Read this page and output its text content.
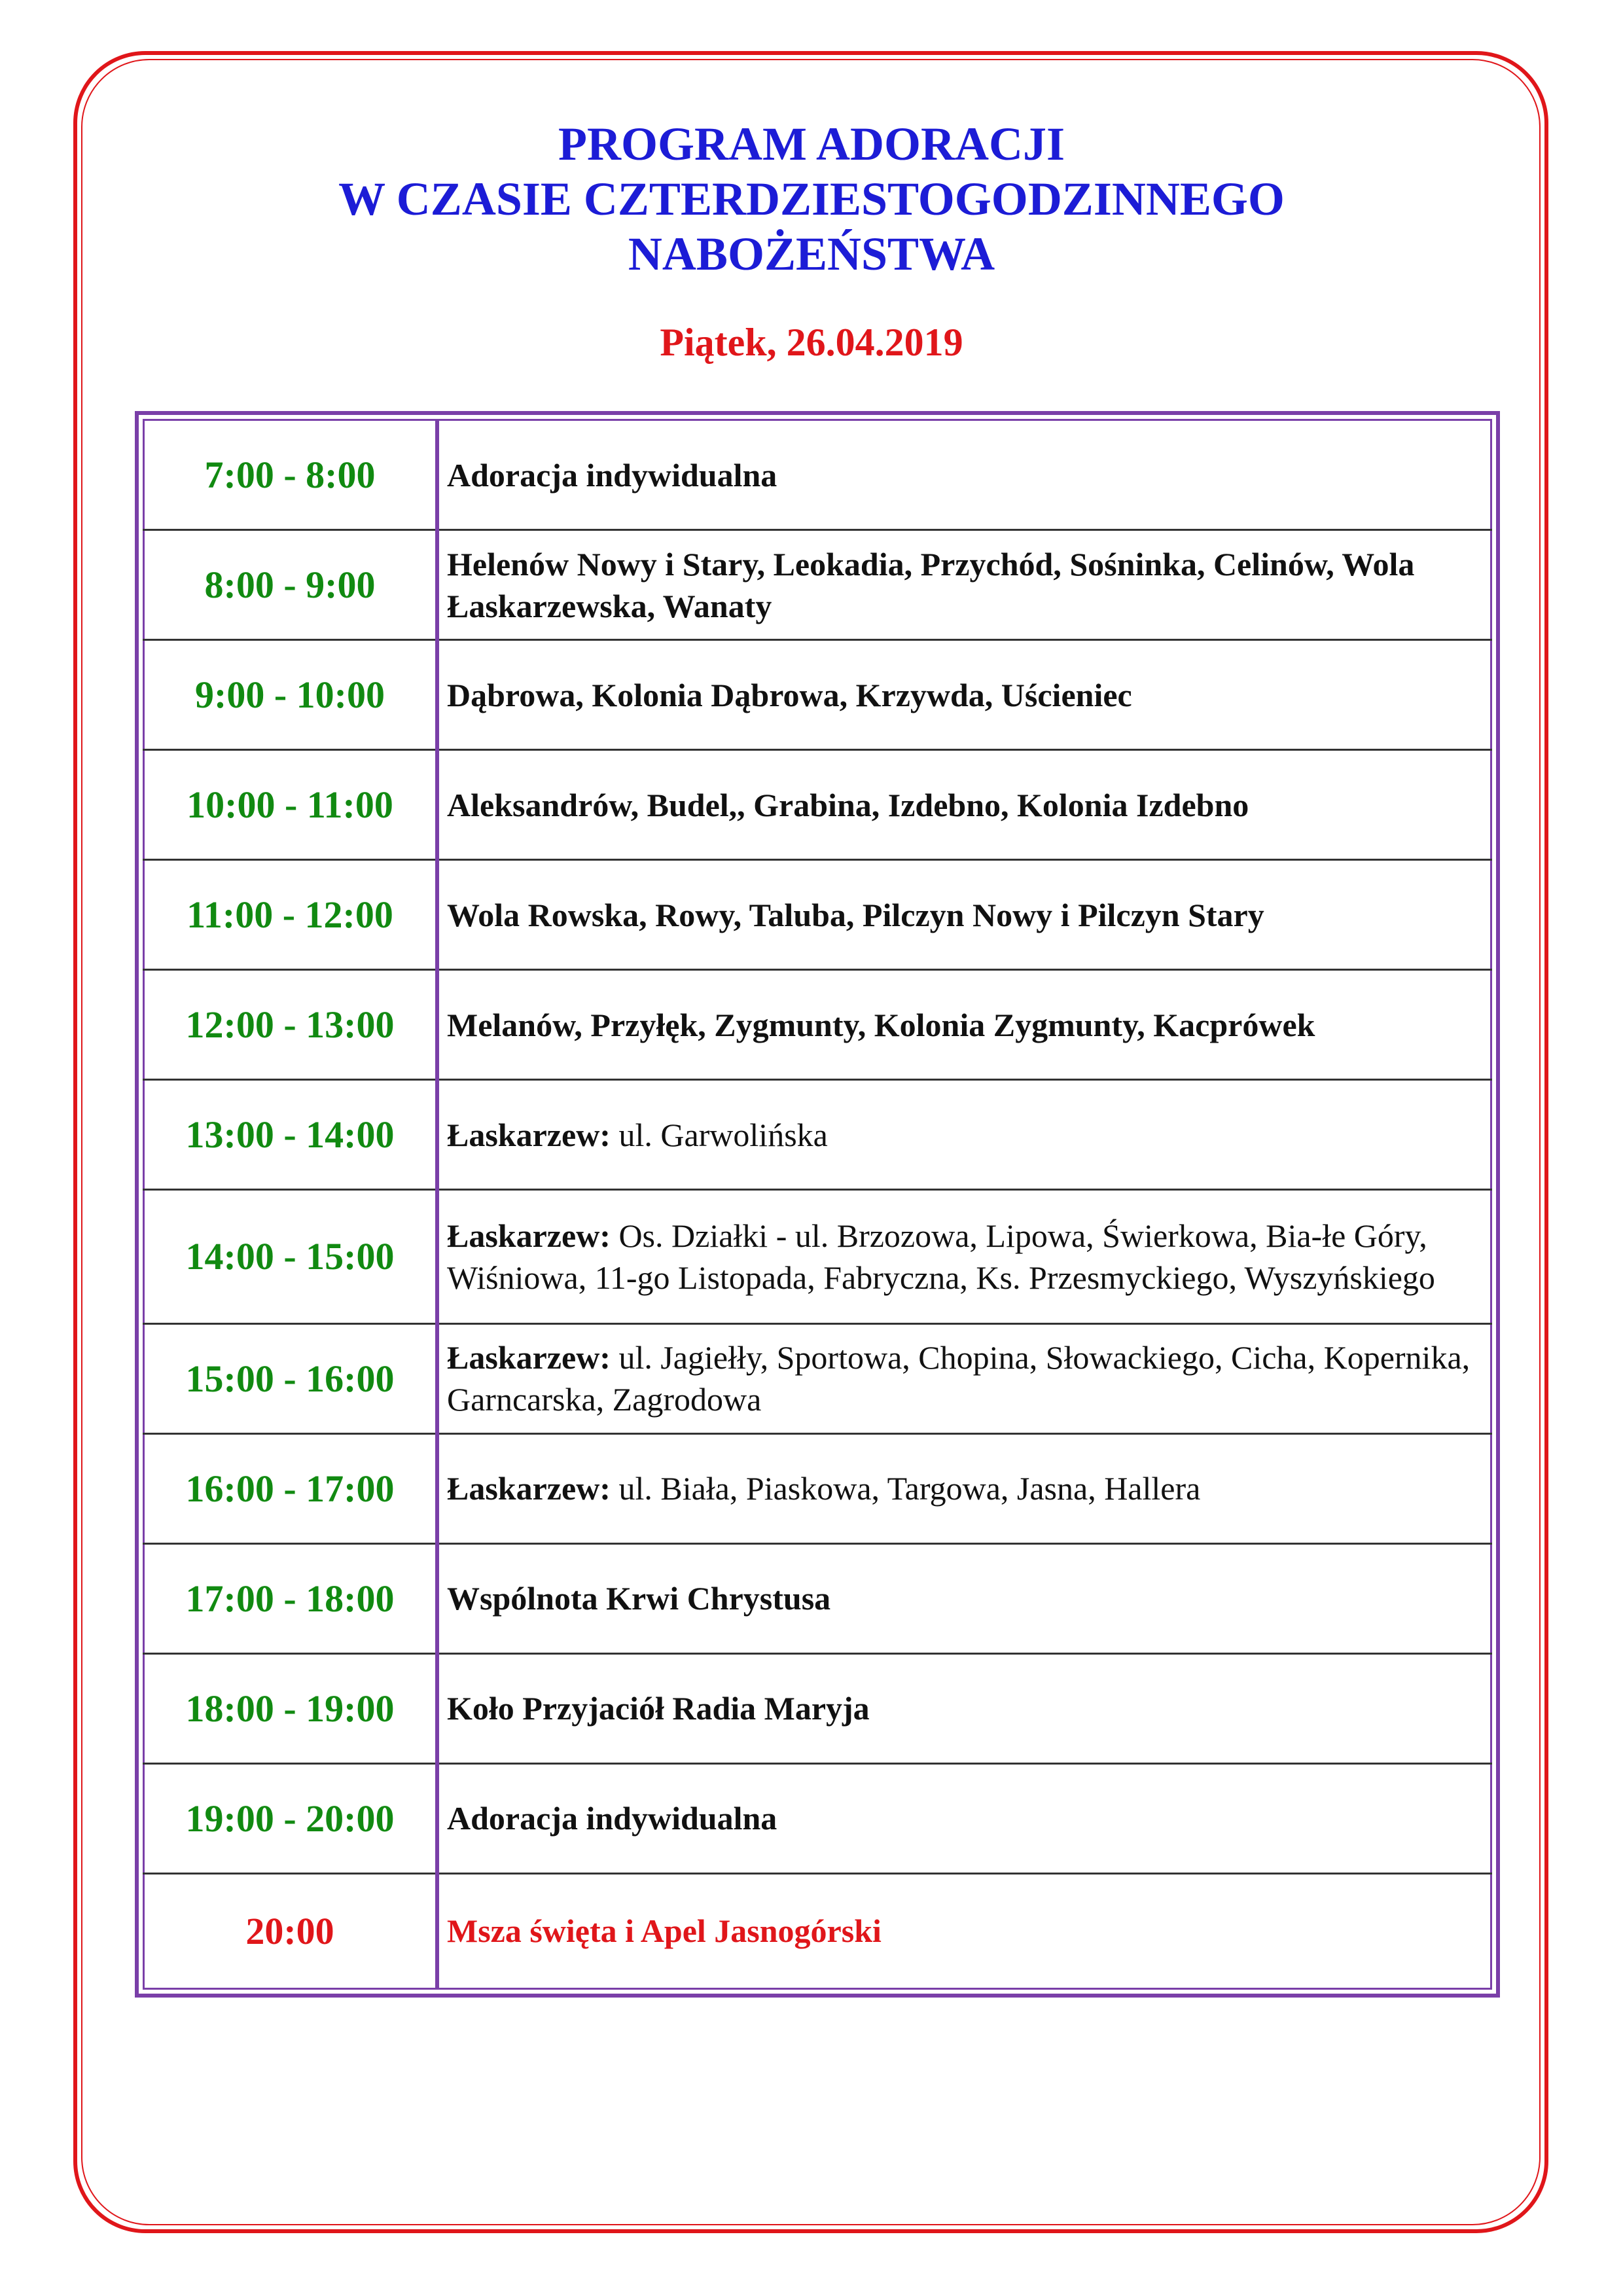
PROGRAM ADORACJI
W CZASIE CZTERDZIESTOGODZINNEGO
NABOŻEŃSTWA
Piątek, 26.04.2019
7:00 - 8:00	Adoracja indywidualna
8:00 - 9:00	Helenów Nowy i Stary, Leokadia, Przychód, Sośninka, Celinów, Wola Łaskarzewska, Wanaty
9:00 - 10:00	Dąbrowa, Kolonia Dąbrowa, Krzywda, Uścieniec
10:00 - 11:00	Aleksandrów, Budel,, Grabina, Izdebno, Kolonia Izdebno
11:00 - 12:00	Wola Rowska, Rowy, Taluba, Pilczyn Nowy i Pilczyn Stary
12:00 - 13:00	Melanów, Przyłęk, Zygmunty, Kolonia Zygmunty, Kacprówek
13:00 - 14:00	Łaskarzew: ul. Garwolińska
14:00 - 15:00	Łaskarzew: Os. Działki - ul. Brzozowa, Lipowa, Świerkowa, Bia-łe Góry, Wiśniowa, 11-go Listopada, Fabryczna, Ks. Przesmyckiego, Wyszyńskiego
15:00 - 16:00	Łaskarzew: ul. Jagiełły, Sportowa, Chopina, Słowackiego, Cicha, Kopernika, Garncarska, Zagrodowa
16:00 - 17:00	Łaskarzew: ul. Biała, Piaskowa, Targowa, Jasna, Hallera
17:00 - 18:00	Wspólnota Krwi Chrystusa
18:00 - 19:00	Koło Przyjaciół Radia Maryja
19:00 - 20:00	Adoracja indywidualna
20:00	Msza święta i Apel Jasnogórski
